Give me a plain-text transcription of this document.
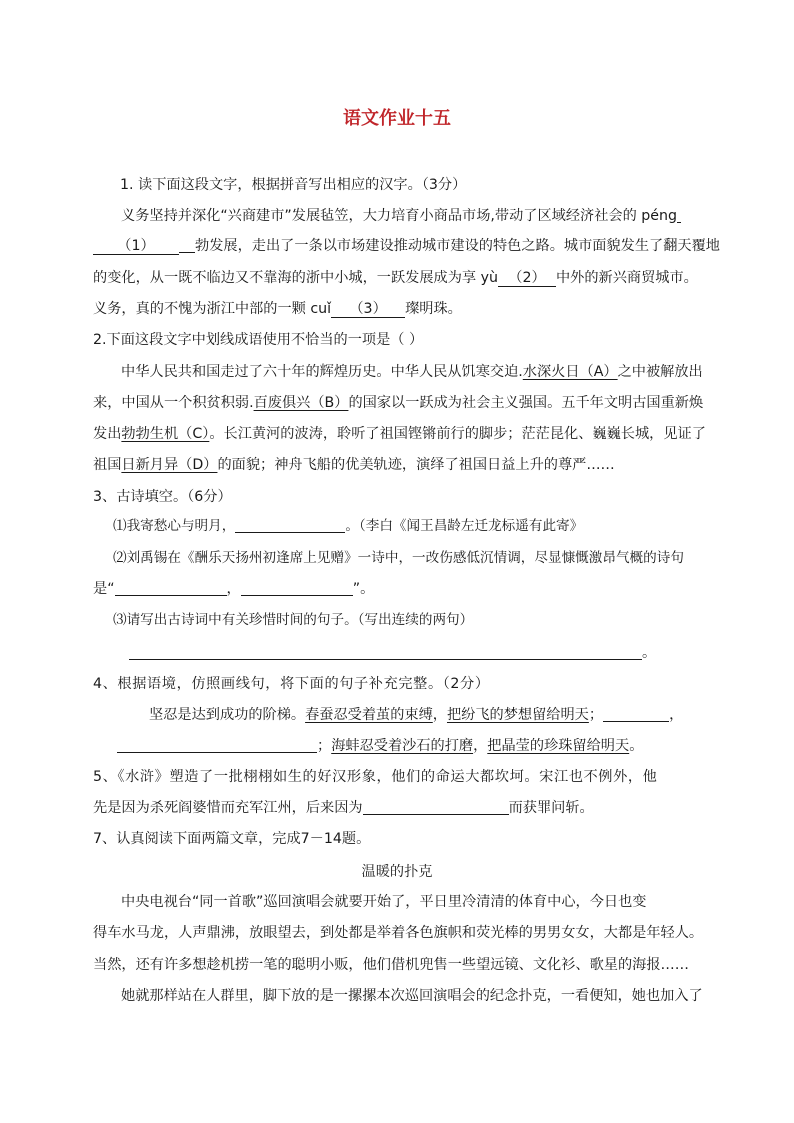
语文作业十五
1. 读下面这段文字，根据拼音写出相应的汉字。（3分）
义务坚持并深化“兴商建市”发展毡笠，大力培育小商品市场,带动了区域经济社会的 péng
（1）	勃发展，走出了一条以市场建设推动城市建设的特色之路。城市面貌发生了翻天覆地
的变化，从一既不临边又不靠海的浙中小城，一跃发展成为享 yù （2） 中外的新兴商贸城市。
义务，真的不愧为浙江中部的一颗 cuǐ （3） 璨明珠。
2.下面这段文字中划线成语使用不恰当的一项是（ ）
中华人民共和国走过了六十年的辉煌历史。中华人民从饥寒交迫.水深火日（A）之中被解放出
来，中国从一个积贫积弱.百废俱兴（B）的国家以一跃成为社会主义强国。五千年文明古国重新焕
发出勃勃生机（C）。长江黄河的波涛，聆听了祖国铿锵前行的脚步；茫茫昆化、巍巍长城，见证了
祖国日新月异（D）的面貌；神舟飞船的优美轨迹，演绎了祖国日益上升的尊严……
3、古诗填空。（6分）
⑴我寄愁心与明月，	。（李白《闻王昌龄左迁龙标遥有此寄》
⑵刘禹锡在《酬乐天扬州初逢席上见赠》一诗中，一改伤感低沉情调，尽显慷慨激昂气概的诗句
是“	，	”。
⑶请写出古诗词中有关珍惜时间的句子。（写出连续的两句）
。
4、根据语境，仿照画线句，将下面的句子补充完整。（2分）
坚忍是达到成功的阶梯。春蚕忍受着茧的束缚，把纷飞的梦想留给明天；	，
；海蚌忍受着沙石的打磨，把晶莹的珍珠留给明天。
5、《水浒》塑造了一批栩栩如生的好汉形象，他们的命运大都坎坷。宋江也不例外，他
先是因为杀死阎婆惜而充军江州，后来因为	而获罪问斩。
7、认真阅读下面两篇文章，完成7－14题。
温暖的扑克
中央电视台“同一首歌”巡回演唱会就要开始了，平日里冷清清的体育中心，今日也变
得车水马龙，人声鼎沸，放眼望去，到处都是举着各色旗帜和荧光棒的男男女女，大都是年轻人。
当然，还有许多想趁机捞一笔的聪明小贩，他们借机兜售一些望远镜、文化衫、歌星的海报……
她就那样站在人群里，脚下放的是一摞摞本次巡回演唱会的纪念扑克，一看便知，她也加入了
